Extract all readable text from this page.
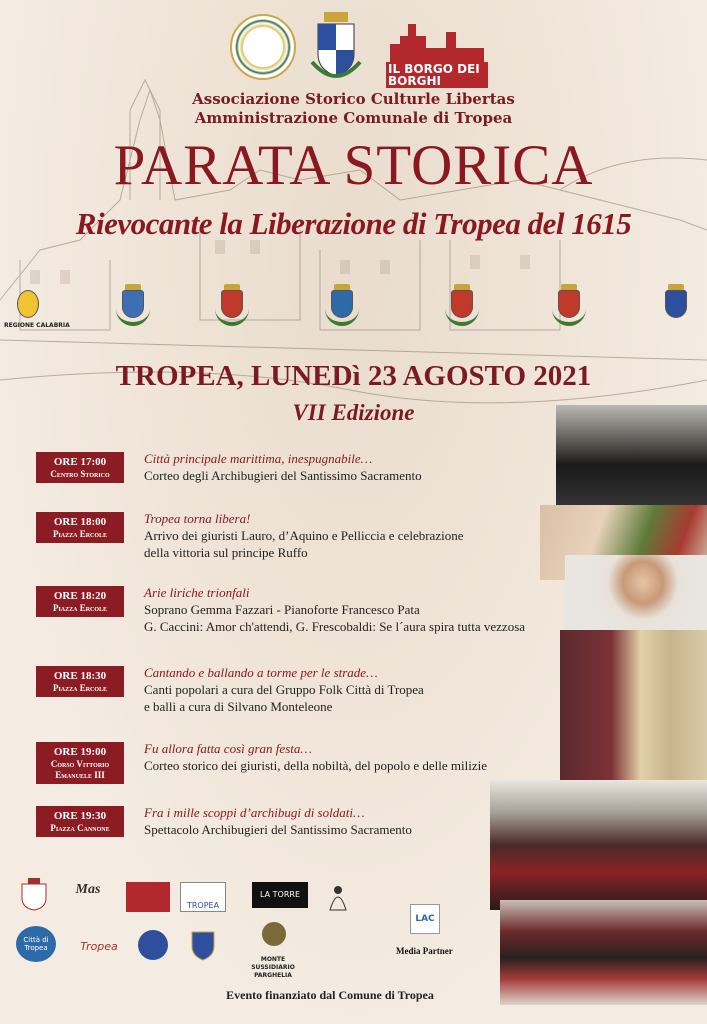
IL BORGO DEI BORGHI
Associazione Storico Culturle Libertas
Amministrazione Comunale di Tropea
PARATA STORICA
Rievocante la Liberazione di Tropea del 1615
REGIONE CALABRIA
TROPEA, LUNEDì 23 AGOSTO 2021
VII Edizione
ORE 17:00
Centro Storico
Città principale marittima, inespugnabile…
Corteo degli Archibugieri del Santissimo Sacramento
ORE 18:00
Piazza Ercole
Tropea torna libera!
Arrivo dei giuristi Lauro, d’Aquino e Pelliccia e celebrazione
della vittoria sul principe Ruffo
ORE 18:20
Piazza Ercole
Arie liriche trionfali
Soprano Gemma Fazzari - Pianoforte Francesco Pata
G. Caccini: Amor ch'attendi, G. Frescobaldi: Se l´aura spira tutta vezzosa
ORE 18:30
Piazza Ercole
Cantando e ballando a torme per le strade…
Canti popolari a cura del Gruppo Folk Città di Tropea
e balli a cura di Silvano Monteleone
ORE 19:00
Corso Vittorio Emanuele III
Fu allora fatta così gran festa…
Corteo storico dei giuristi, della nobiltà, del popolo e delle milizie
ORE 19:30
Piazza Cannone
Fra i mille scoppi d’archibugi di soldati…
Spettacolo Archibugieri del Santissimo Sacramento
Mas
TROPEA
LA TORRE
Città di Tropea	Tropea
LAC
MONTE SUSSIDIARIO PARGHELIA
Media Partner
Evento finanziato dal Comune di Tropea
